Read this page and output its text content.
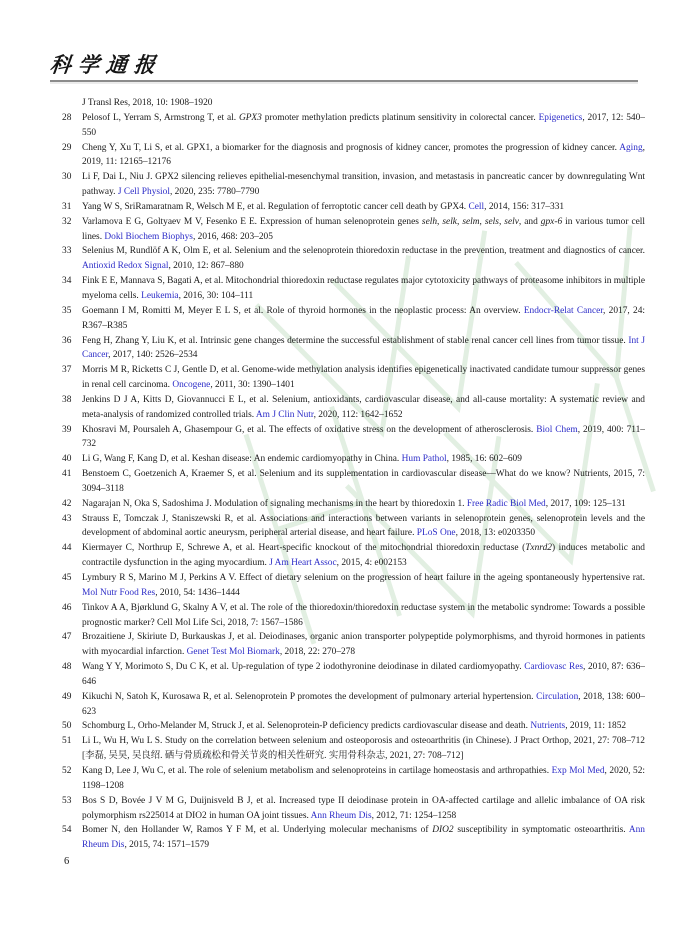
科学通报
J Transl Res, 2018, 10: 1908–1920
28	Pelosof L, Yerram S, Armstrong T, et al. GPX3 promoter methylation predicts platinum sensitivity in colorectal cancer. Epigenetics, 2017, 12: 540–550
29	Cheng Y, Xu T, Li S, et al. GPX1, a biomarker for the diagnosis and prognosis of kidney cancer, promotes the progression of kidney cancer. Aging, 2019, 11: 12165–12176
30	Li F, Dai L, Niu J. GPX2 silencing relieves epithelial-mesenchymal transition, invasion, and metastasis in pancreatic cancer by downregulating Wnt pathway. J Cell Physiol, 2020, 235: 7780–7790
31	Yang W S, SriRamaratnam R, Welsch M E, et al. Regulation of ferroptotic cancer cell death by GPX4. Cell, 2014, 156: 317–331
32	Varlamova E G, Goltyaev M V, Fesenko E E. Expression of human selenoprotein genes selh, selk, selm, sels, selv, and gpx-6 in various tumor cell lines. Dokl Biochem Biophys, 2016, 468: 203–205
33	Selenius M, Rundlöf A K, Olm E, et al. Selenium and the selenoprotein thioredoxin reductase in the prevention, treatment and diagnostics of cancer. Antioxid Redox Signal, 2010, 12: 867–880
34	Fink E E, Mannava S, Bagati A, et al. Mitochondrial thioredoxin reductase regulates major cytotoxicity pathways of proteasome inhibitors in multiple myeloma cells. Leukemia, 2016, 30: 104–111
35	Goemann I M, Romitti M, Meyer E L S, et al. Role of thyroid hormones in the neoplastic process: An overview. Endocr-Relat Cancer, 2017, 24: R367–R385
36	Feng H, Zhang Y, Liu K, et al. Intrinsic gene changes determine the successful establishment of stable renal cancer cell lines from tumor tissue. Int J Cancer, 2017, 140: 2526–2534
37	Morris M R, Ricketts C J, Gentle D, et al. Genome-wide methylation analysis identifies epigenetically inactivated candidate tumour suppressor genes in renal cell carcinoma. Oncogene, 2011, 30: 1390–1401
38	Jenkins D J A, Kitts D, Giovannucci E L, et al. Selenium, antioxidants, cardiovascular disease, and all-cause mortality: A systematic review and meta-analysis of randomized controlled trials. Am J Clin Nutr, 2020, 112: 1642–1652
39	Khosravi M, Poursaleh A, Ghasempour G, et al. The effects of oxidative stress on the development of atherosclerosis. Biol Chem, 2019, 400: 711–732
40	Li G, Wang F, Kang D, et al. Keshan disease: An endemic cardiomyopathy in China. Hum Pathol, 1985, 16: 602–609
41	Benstoem C, Goetzenich A, Kraemer S, et al. Selenium and its supplementation in cardiovascular disease—What do we know? Nutrients, 2015, 7: 3094–3118
42	Nagarajan N, Oka S, Sadoshima J. Modulation of signaling mechanisms in the heart by thioredoxin 1. Free Radic Biol Med, 2017, 109: 125–131
43	Strauss E, Tomczak J, Staniszewski R, et al. Associations and interactions between variants in selenoprotein genes, selenoprotein levels and the development of abdominal aortic aneurysm, peripheral arterial disease, and heart failure. PLoS One, 2018, 13: e0203350
44	Kiermayer C, Northrup E, Schrewe A, et al. Heart-specific knockout of the mitochondrial thioredoxin reductase (Txnrd2) induces metabolic and contractile dysfunction in the aging myocardium. J Am Heart Assoc, 2015, 4: e002153
45	Lymbury R S, Marino M J, Perkins A V. Effect of dietary selenium on the progression of heart failure in the ageing spontaneously hypertensive rat. Mol Nutr Food Res, 2010, 54: 1436–1444
46	Tinkov A A, Bjørklund G, Skalny A V, et al. The role of the thioredoxin/thioredoxin reductase system in the metabolic syndrome: Towards a possible prognostic marker? Cell Mol Life Sci, 2018, 7: 1567–1586
47	Brozaitiene J, Skiriute D, Burkauskas J, et al. Deiodinases, organic anion transporter polypeptide polymorphisms, and thyroid hormones in patients with myocardial infarction. Genet Test Mol Biomark, 2018, 22: 270–278
48	Wang Y Y, Morimoto S, Du C K, et al. Up-regulation of type 2 iodothyronine deiodinase in dilated cardiomyopathy. Cardiovasc Res, 2010, 87: 636–646
49	Kikuchi N, Satoh K, Kurosawa R, et al. Selenoprotein P promotes the development of pulmonary arterial hypertension. Circulation, 2018, 138: 600–623
50	Schomburg L, Orho-Melander M, Struck J, et al. Selenoprotein-P deficiency predicts cardiovascular disease and death. Nutrients, 2019, 11: 1852
51	Li L, Wu H, Wu L S. Study on the correlation between selenium and osteoporosis and osteoarthritis (in Chinese). J Pract Orthop, 2021, 27: 708–712 [李磊, 吴昊, 吴良绍. 硒与骨质疏松和骨关节炎的相关性研究. 实用骨科杂志, 2021, 27: 708–712]
52	Kang D, Lee J, Wu C, et al. The role of selenium metabolism and selenoproteins in cartilage homeostasis and arthropathies. Exp Mol Med, 2020, 52: 1198–1208
53	Bos S D, Bovée J V M G, Duijnisveld B J, et al. Increased type II deiodinase protein in OA-affected cartilage and allelic imbalance of OA risk polymorphism rs225014 at DIO2 in human OA joint tissues. Ann Rheum Dis, 2012, 71: 1254–1258
54	Bomer N, den Hollander W, Ramos Y F M, et al. Underlying molecular mechanisms of DIO2 susceptibility in symptomatic osteoarthritis. Ann Rheum Dis, 2015, 74: 1571–1579
6
